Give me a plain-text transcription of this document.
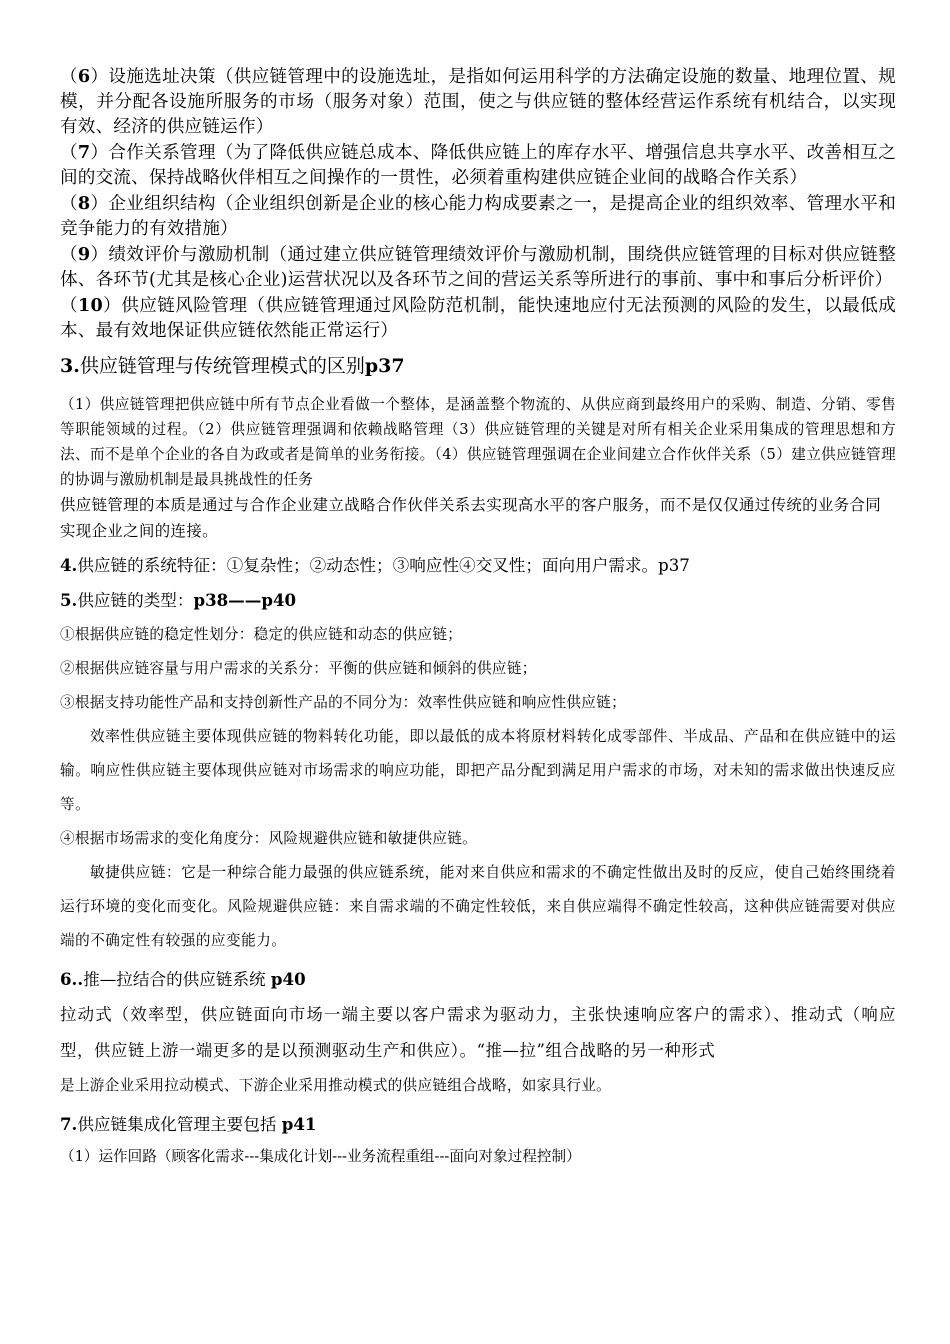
（6）设施选址决策（供应链管理中的设施选址，是指如何运用科学的方法确定设施的数量、地理位置、规模，并分配各设施所服务的市场（服务对象）范围，使之与供应链的整体经营运作系统有机结合，以实现有效、经济的供应链运作）

（7）合作关系管理（为了降低供应链总成本、降低供应链上的库存水平、增强信息共享水平、改善相互之间的交流、保持战略伙伴相互之间操作的一贯性，必须着重构建供应链企业间的战略合作关系）

（8）企业组织结构（企业组织创新是企业的核心能力构成要素之一，是提高企业的组织效率、管理水平和竞争能力的有效措施）

（9）绩效评价与激励机制（通过建立供应链管理绩效评价与激励机制，围绕供应链管理的目标对供应链整体、各环节(尤其是核心企业)运营状况以及各环节之间的营运关系等所进行的事前、事中和事后分析评价）

（10）供应链风险管理（供应链管理通过风险防范机制，能快速地应付无法预测的风险的发生，以最低成本、最有效地保证供应链依然能正常运行）

3.供应链管理与传统管理模式的区别p37

（1）供应链管理把供应链中所有节点企业看做一个整体，是涵盖整个物流的、从供应商到最终用户的采购、制造、分销、零售等职能领域的过程。（2）供应链管理强调和依赖战略管理（3）供应链管理的关键是对所有相关企业采用集成的管理思想和方法、而不是单个企业的各自为政或者是简单的业务衔接。（4）供应链管理强调在企业间建立合作伙伴关系（5）建立供应链管理的协调与激励机制是最具挑战性的任务

供应链管理的本质是通过与合作企业建立战略合作伙伴关系去实现高水平的客户服务，而不是仅仅通过传统的业务合同实现企业之间的连接。

4.供应链的系统特征：①复杂性；②动态性；③响应性④交叉性；面向用户需求。p37
5.供应链的类型：p38——p40

①根据供应链的稳定性划分：稳定的供应链和动态的供应链；

②根据供应链容量与用户需求的关系分：平衡的供应链和倾斜的供应链；

③根据支持功能性产品和支持创新性产品的不同分为：效率性供应链和响应性供应链；

效率性供应链主要体现供应链的物料转化功能，即以最低的成本将原材料转化成零部件、半成品、产品和在供应链中的运输。响应性供应链主要体现供应链对市场需求的响应功能，即把产品分配到满足用户需求的市场，对未知的需求做出快速反应等。

④根据市场需求的变化角度分：风险规避供应链和敏捷供应链。

敏捷供应链：它是一种综合能力最强的供应链系统，能对来自供应和需求的不确定性做出及时的反应，使自己始终围绕着运行环境的变化而变化。风险规避供应链：来自需求端的不确定性较低，来自供应端得不确定性较高，这种供应链需要对供应端的不确定性有较强的应变能力。

6..推—拉结合的供应链系统 p40

拉动式（效率型，供应链面向市场一端主要以客户需求为驱动力，主张快速响应客户的需求）、推动式（响应型，供应链上游一端更多的是以预测驱动生产和供应）。“推—拉”组合战略的另一种形式

是上游企业采用拉动模式、下游企业采用推动模式的供应链组合战略，如家具行业。

7.供应链集成化管理主要包括 p41

（1）运作回路（顾客化需求---集成化计划---业务流程重组---面向对象过程控制）
